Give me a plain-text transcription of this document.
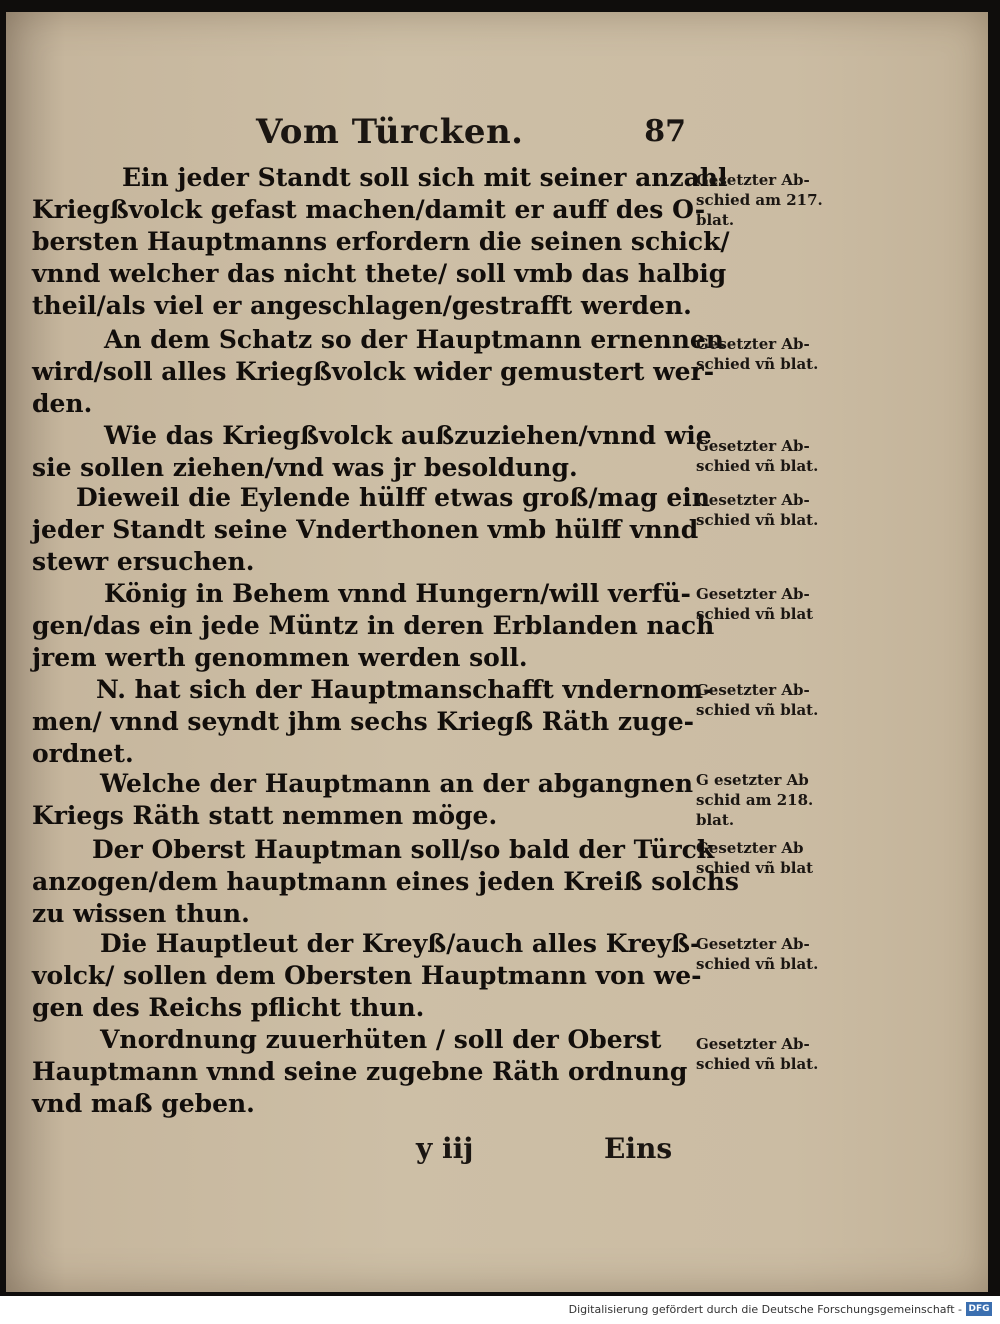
Vom Türcken.	87
Ein jeder Standt soll sich mit seiner anzahl
Kriegßvolck gefast machen/damit er auff des O-
bersten Hauptmanns erfordern die seinen schick/
vnnd welcher das nicht thete/ soll vmb das halbig
theil/als viel er angeschlagen/gestrafft werden.
Gesetzter Ab-
schied am 217.
blat.
An dem Schatz so der Hauptmann ernennen
wird/soll alles Kriegßvolck wider gemustert wer-
den.
Gesetzter Ab-
schied vñ blat.
Wie das Kriegßvolck außzuziehen/vnnd wie
sie sollen ziehen/vnd was jr besoldung.
Gesetzter Ab-
schied vñ blat.
Dieweil die Eylende hülff etwas groß/mag ein
jeder Standt seine Vnderthonen vmb hülff vnnd
stewr ersuchen.
Gesetzter Ab-
schied vñ blat.
König in Behem vnnd Hungern/will verfü-
gen/das ein jede Müntz in deren Erblanden nach
jrem werth genommen werden soll.
Gesetzter Ab-
schied vñ blat
N. hat sich der Hauptmanschafft vndernom-
men/ vnnd seyndt jhm sechs Kriegß Räth zuge-
ordnet.
Gesetzter Ab-
schied vñ blat.
Welche der Hauptmann an der abgangnen
Kriegs Räth statt nemmen möge.
G esetzter Ab
schid am 218.
blat.
Der Oberst Hauptman soll/so bald der Türck
anzogen/dem hauptmann eines jeden Kreiß solchs
zu wissen thun.
Gesetzter Ab
schied vñ blat
Die Hauptleut der Kreyß/auch alles Kreyß-
volck/ sollen dem Obersten Hauptmann von we-
gen des Reichs pflicht thun.
Gesetzter Ab-
schied vñ blat.
Vnordnung zuuerhüten / soll der Oberst
Hauptmann vnnd seine zugebne Räth ordnung
vnd maß geben.
Gesetzter Ab-
schied vñ blat.
y iij	Eins
Digitalisierung gefördert durch die Deutsche Forschungsgemeinschaft - DFG
